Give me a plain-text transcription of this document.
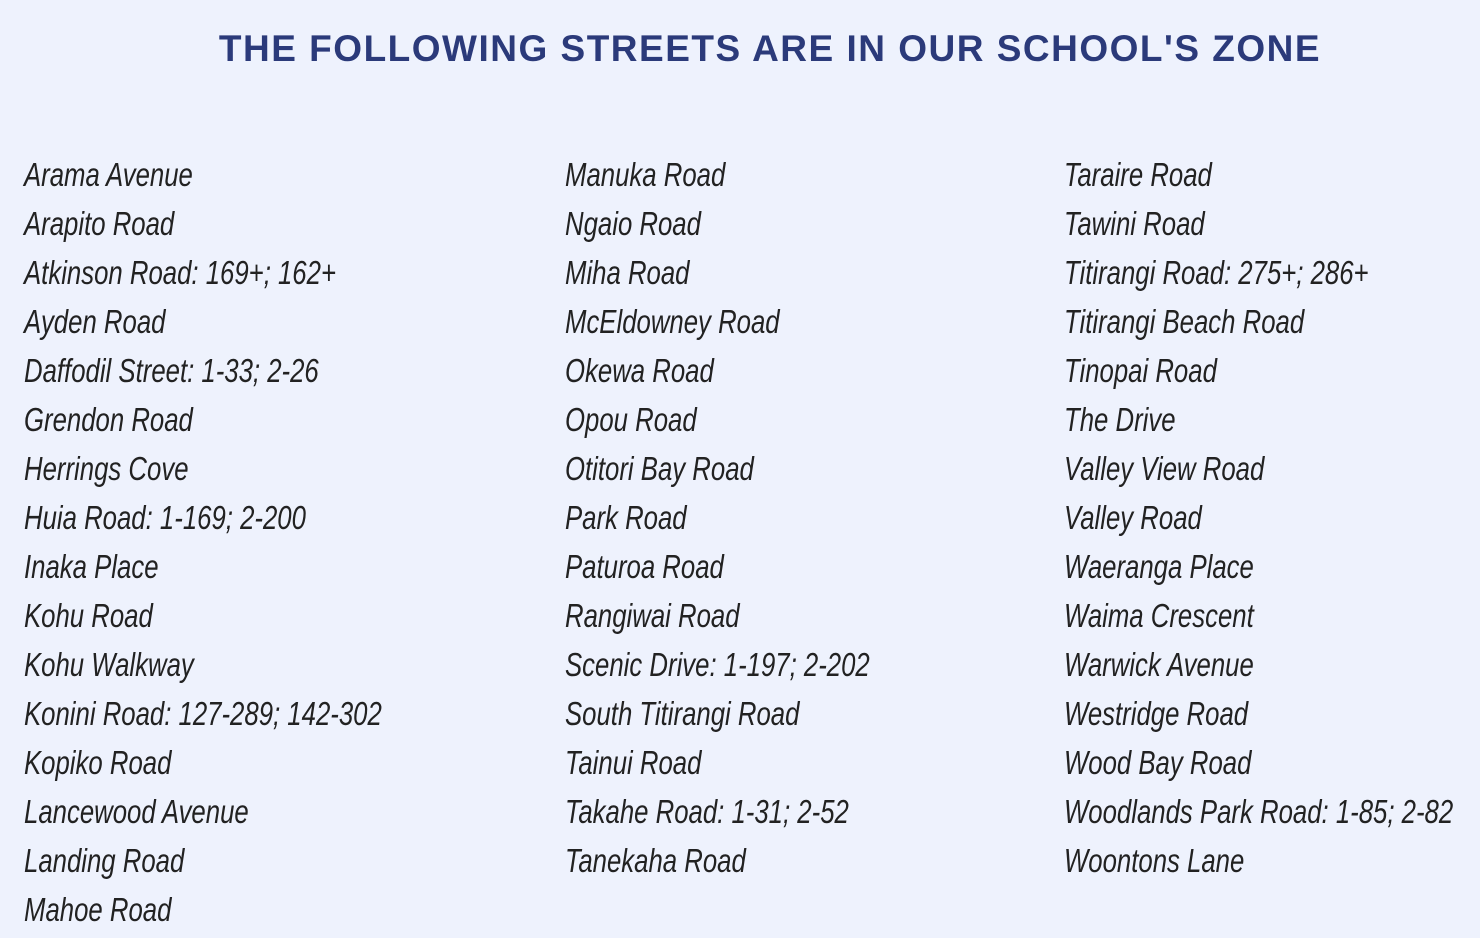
THE FOLLOWING STREETS ARE IN OUR SCHOOL'S ZONE
Arama Avenue
Arapito Road
Atkinson Road: 169+; 162+
Ayden Road
Daffodil Street: 1-33; 2-26
Grendon Road
Herrings Cove
Huia Road: 1-169; 2-200
Inaka Place
Kohu Road
Kohu Walkway
Konini Road: 127-289; 142-302
Kopiko Road
Lancewood Avenue
Landing Road
Mahoe Road
Manuka Road
Ngaio Road
Miha Road
McEldowney Road
Okewa Road
Opou Road
Otitori Bay Road
Park Road
Paturoa Road
Rangiwai Road
Scenic Drive: 1-197; 2-202
South Titirangi Road
Tainui Road
Takahe Road: 1-31; 2-52
Tanekaha Road
Taraire Road
Tawini Road
Titirangi Road: 275+; 286+
Titirangi Beach Road
Tinopai Road
The Drive
Valley View Road
Valley Road
Waeranga Place
Waima Crescent
Warwick Avenue
Westridge Road
Wood Bay Road
Woodlands Park Road: 1-85; 2-82
Woontons Lane
